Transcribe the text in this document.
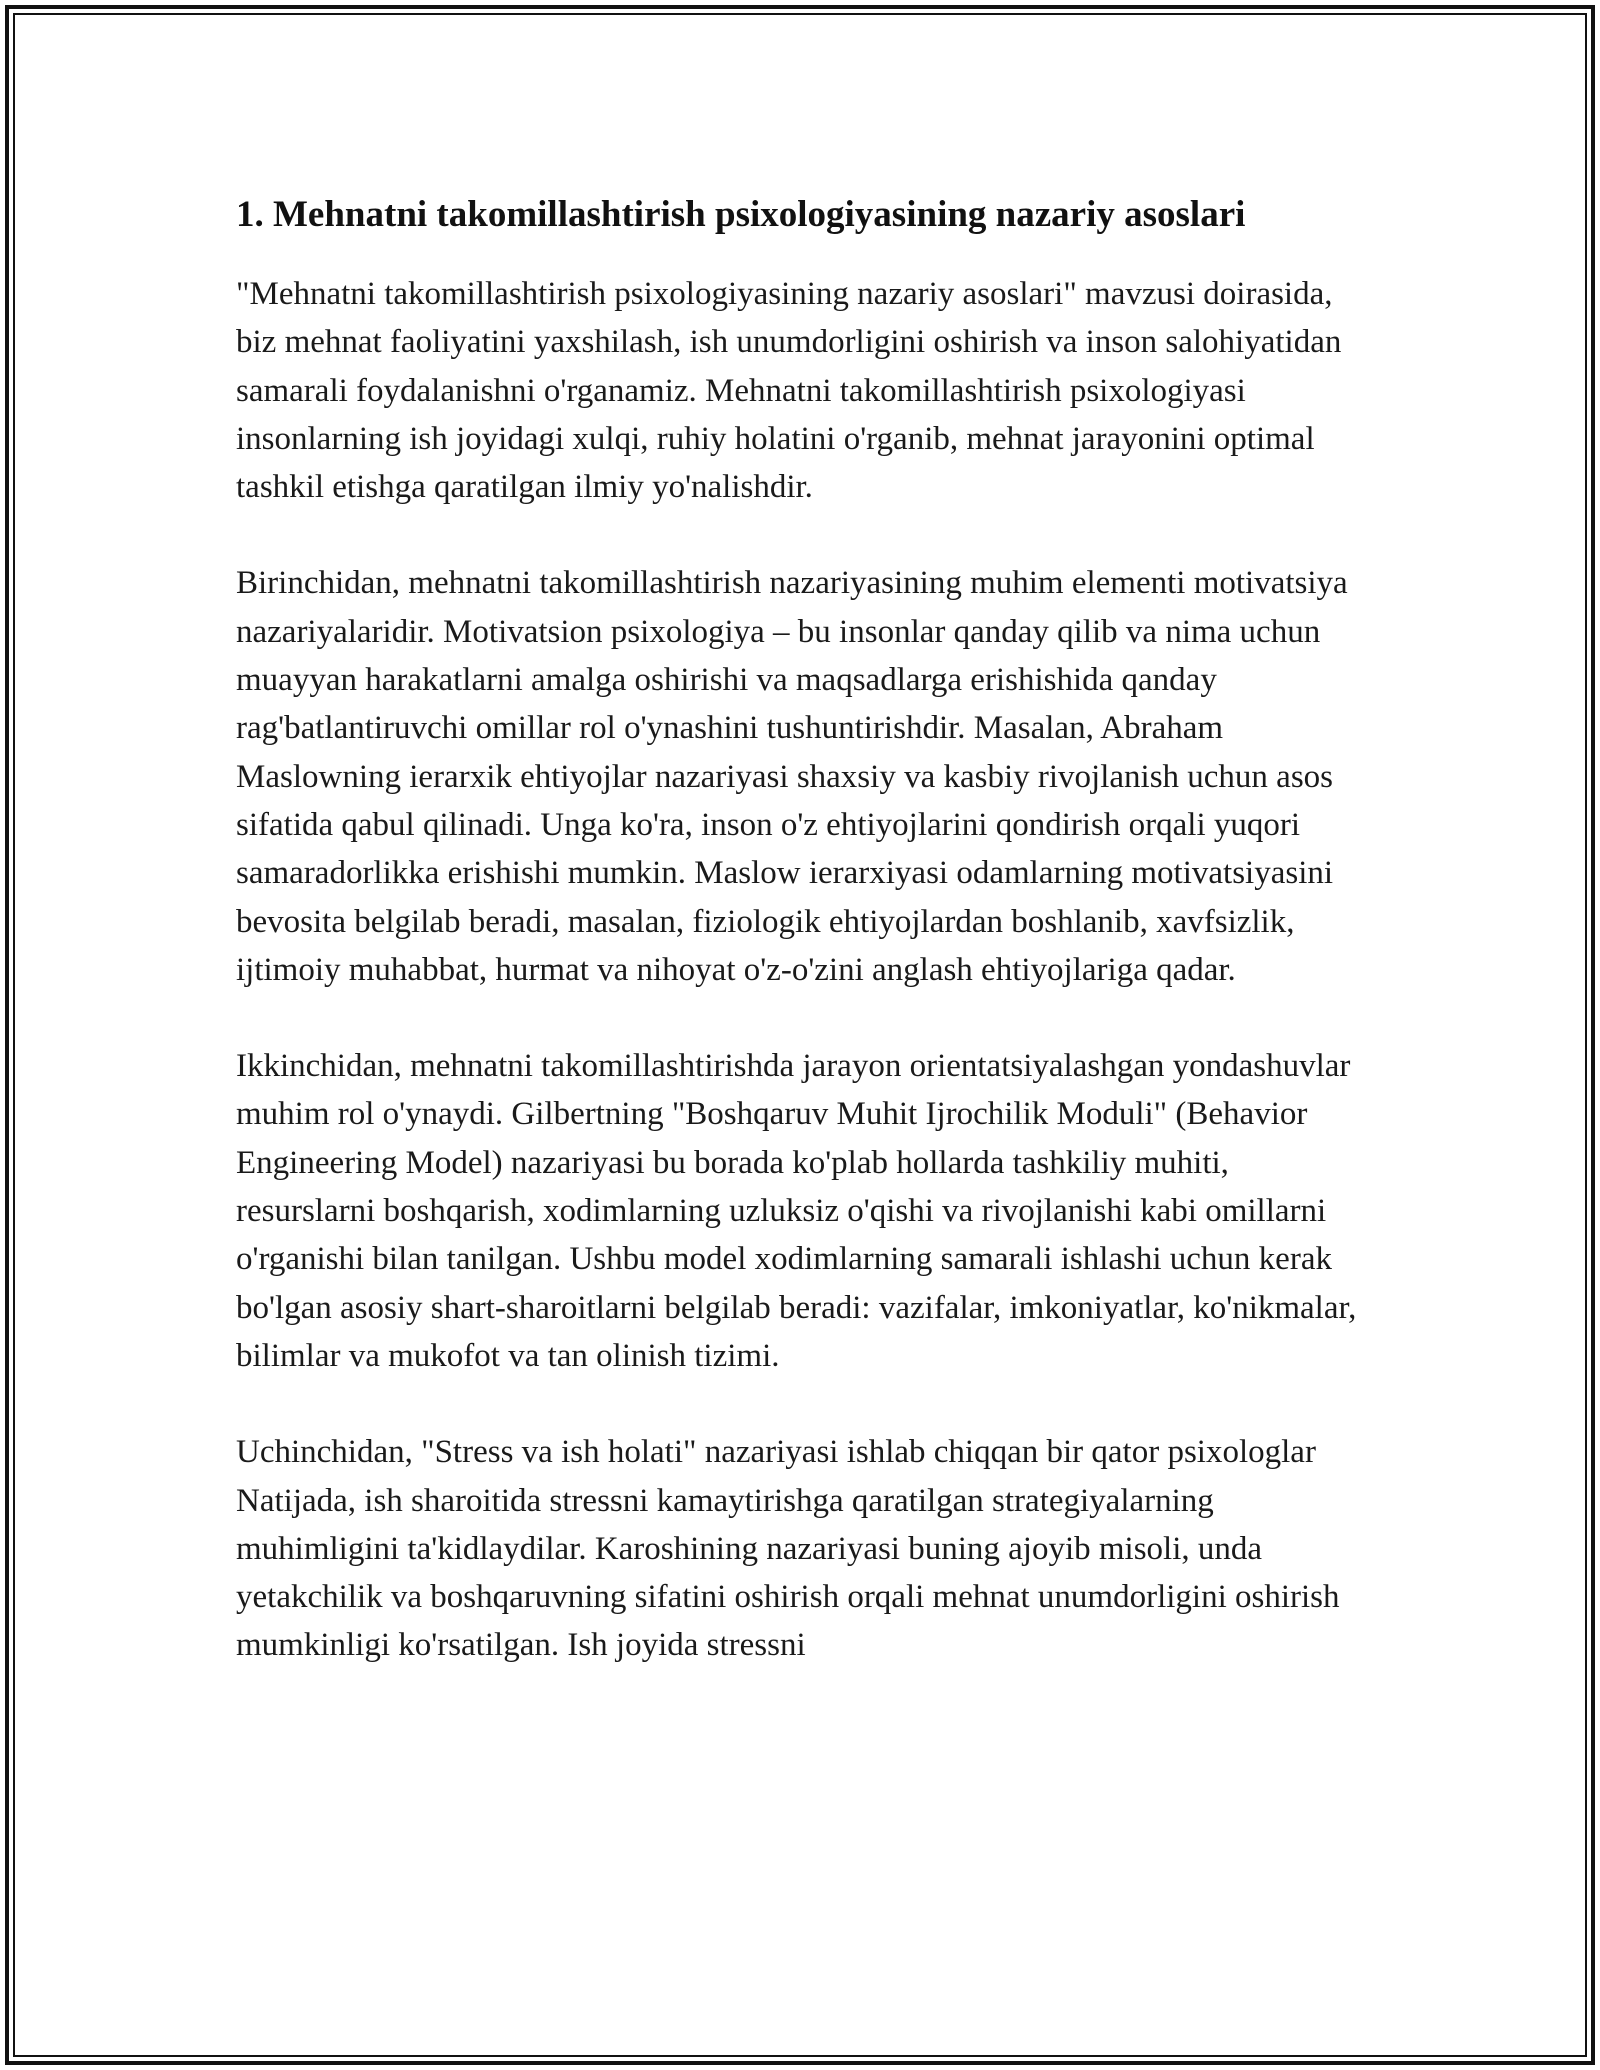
1. Mehnatni takomillashtirish psixologiyasining nazariy asoslari

"Mehnatni takomillashtirish psixologiyasining nazariy asoslari" mavzusi doirasida, biz mehnat faoliyatini yaxshilash, ish unumdorligini oshirish va inson salohiyatidan samarali foydalanishni o'rganamiz. Mehnatni takomillashtirish psixologiyasi insonlarning ish joyidagi xulqi, ruhiy holatini o'rganib, mehnat jarayonini optimal tashkil etishga qaratilgan ilmiy yo'nalishdir.

Birinchidan, mehnatni takomillashtirish nazariyasining muhim elementi motivatsiya nazariyalaridir. Motivatsion psixologiya – bu insonlar qanday qilib va nima uchun muayyan harakatlarni amalga oshirishi va maqsadlarga erishishida qanday rag'batlantiruvchi omillar rol o'ynashini tushuntirishdir. Masalan, Abraham Maslowning ierarxik ehtiyojlar nazariyasi shaxsiy va kasbiy rivojlanish uchun asos sifatida qabul qilinadi. Unga ko'ra, inson o'z ehtiyojlarini qondirish orqali yuqori samaradorlikka erishishi mumkin. Maslow ierarxiyasi odamlarning motivatsiyasini bevosita belgilab beradi, masalan, fiziologik ehtiyojlardan boshlanib, xavfsizlik, ijtimoiy muhabbat, hurmat va nihoyat o'z-o'zini anglash ehtiyojlariga qadar.

Ikkinchidan, mehnatni takomillashtirishda jarayon orientatsiyalashgan yondashuvlar muhim rol o'ynaydi. Gilbertning "Boshqaruv Muhit Ijrochilik Moduli" (Behavior Engineering Model) nazariyasi bu borada ko'plab hollarda tashkiliy muhiti, resurslarni boshqarish, xodimlarning uzluksiz o'qishi va rivojlanishi kabi omillarni o'rganishi bilan tanilgan. Ushbu model xodimlarning samarali ishlashi uchun kerak bo'lgan asosiy shart-sharoitlarni belgilab beradi: vazifalar, imkoniyatlar, ko'nikmalar, bilimlar va mukofot va tan olinish tizimi.

Uchinchidan, "Stress va ish holati" nazariyasi ishlab chiqqan bir qator psixologlar Natijada, ish sharoitida stressni kamaytirishga qaratilgan strategiyalarning muhimligini ta'kidlaydilar. Karoshining nazariyasi buning ajoyib misoli, unda yetakchilik va boshqaruvning sifatini oshirish orqali mehnat unumdorligini oshirish mumkinligi ko'rsatilgan. Ish joyida stressni
